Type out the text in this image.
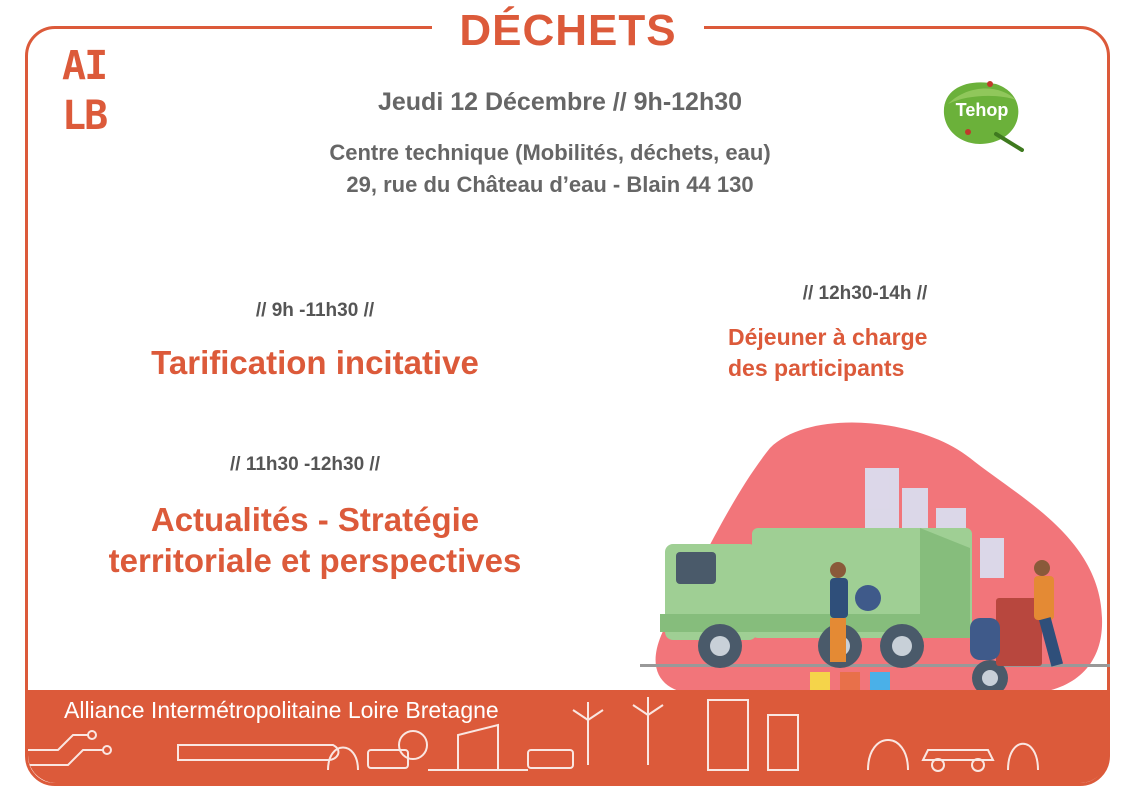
DÉCHETS
AI
LB	Tehop
Jeudi 12 Décembre // 9h-12h30
Centre technique (Mobilités, déchets, eau)
29, rue du Château d’eau - Blain 44 130
// 9h -11h30 //
Tarification incitative
// 11h30 -12h30 //
Actualités - Stratégie
territoriale et perspectives
// 12h30-14h //
Déjeuner à charge
des participants
Alliance Intermétropolitaine Loire Bretagne
